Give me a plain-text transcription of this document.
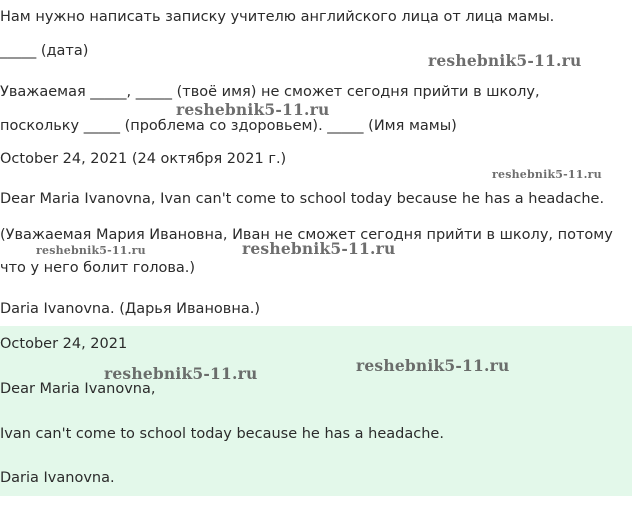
Нам нужно написать записку учителю английского лица от лица мамы.
_____ (дата)
Уважаемая _____, _____ (твоё имя) не сможет сегодня прийти в школу,
поскольку _____ (проблема со здоровьем). _____ (Имя мамы)
October 24, 2021 (24 октября 2021 г.)
Dear Maria Ivanovna, Ivan can't come to school today because he has a headache.
(Уважаемая Мария Ивановна, Иван не сможет сегодня прийти в школу, потому
что у него болит голова.)
Daria Ivanovna. (Дарья Ивановна.)
October 24, 2021
Dear Maria Ivanovna,
Ivan can't come to school today because he has a headache.
Daria Ivanovna.
reshebnik5-11.ru
reshebnik5-11.ru
reshebnik5-11.ru
reshebnik5-11.ru	reshebnik5-11.ru
reshebnik5-11.ru
reshebnik5-11.ru
